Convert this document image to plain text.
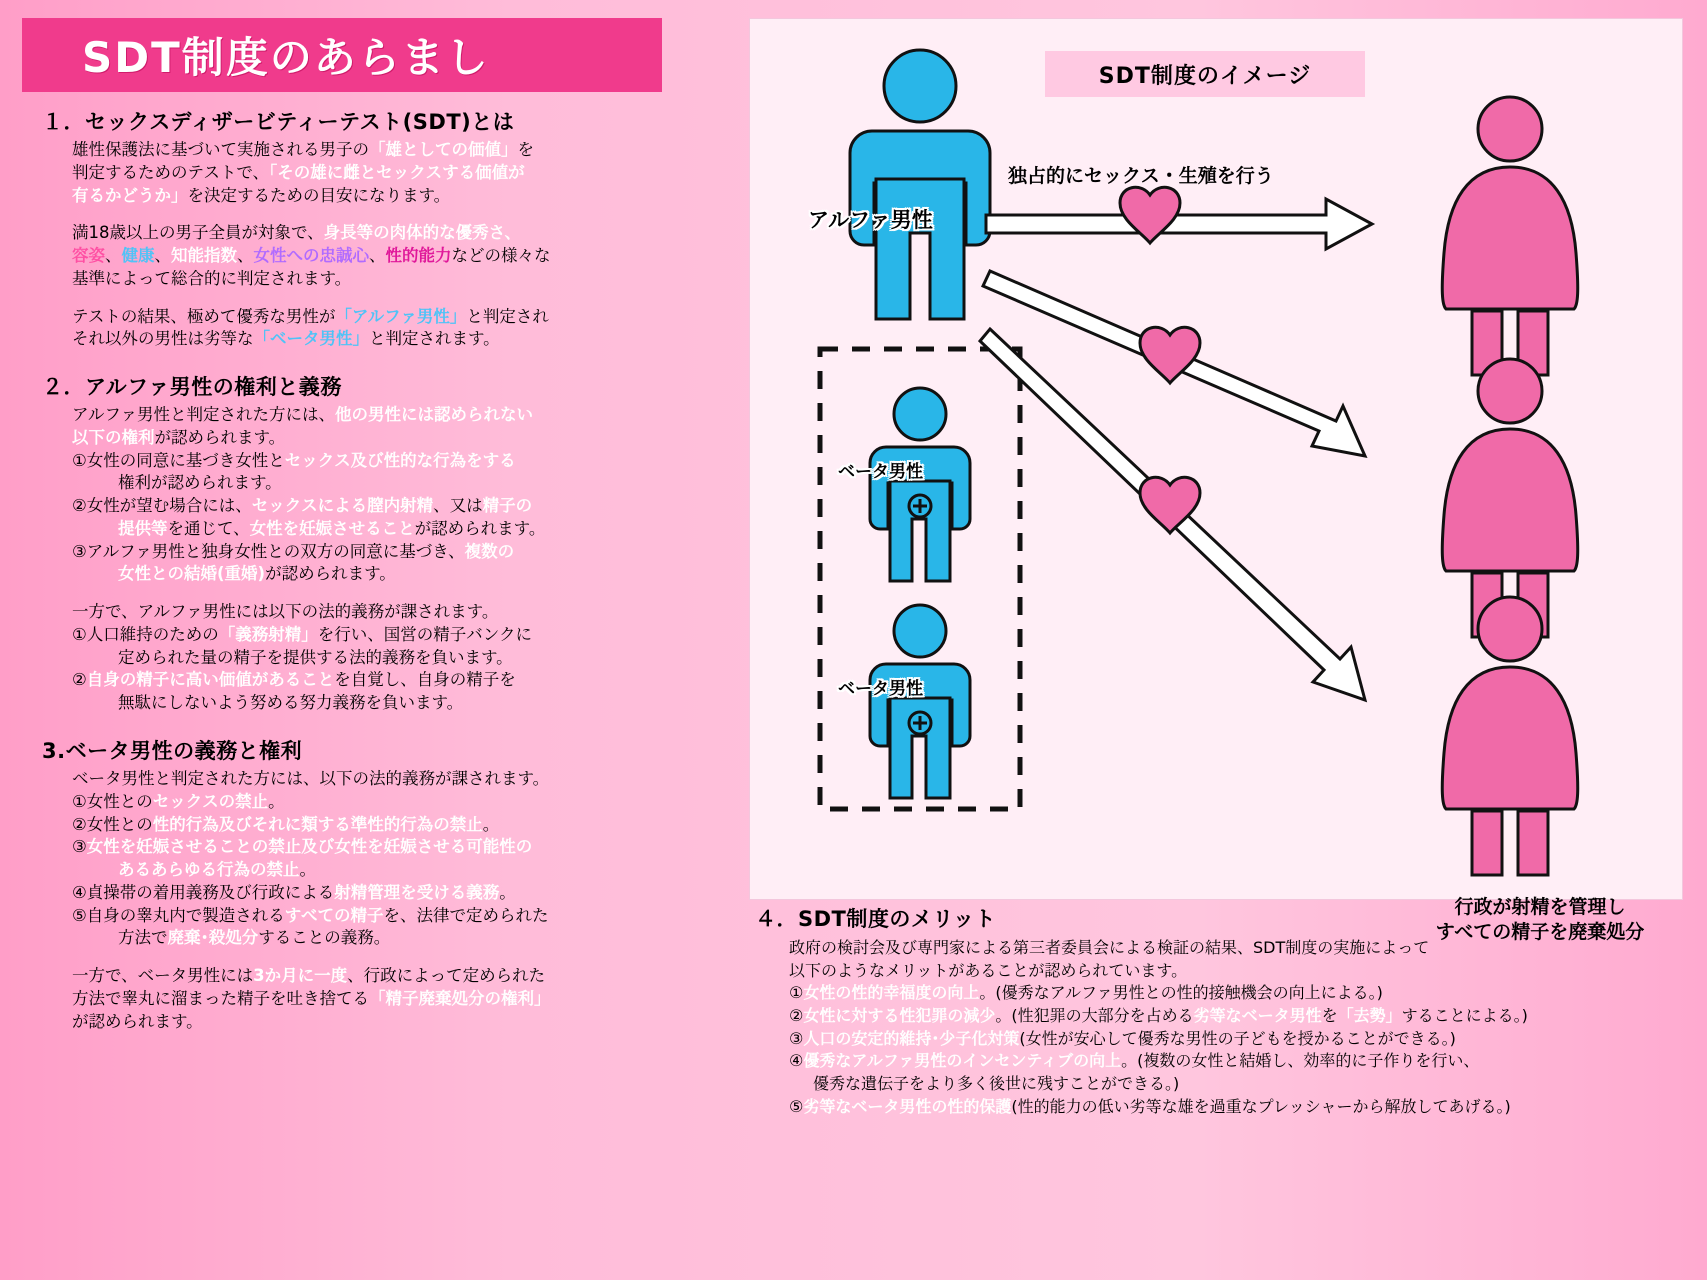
SDT制度のあらまし
１．セックスディザービティーテスト(SDT)とは

雄性保護法に基づいて実施される男子の「雄としての価値」を

判定するためのテストで、「その雄に雌とセックスする価値が

有るかどうか」を決定するための目安になります。

満18歳以上の男子全員が対象で、身長等の肉体的な優秀さ、

容姿、健康、知能指数、女性への忠誠心、性的能力などの様々な

基準によって総合的に判定されます。

テストの結果、極めて優秀な男性が「アルファ男性」と判定され

それ以外の男性は劣等な「ベータ男性」と判定されます。

２．アルファ男性の権利と義務

アルファ男性と判定された方には、他の男性には認められない

以下の権利が認められます。

①女性の同意に基づき女性とセックス及び性的な行為をする

権利が認められます。

②女性が望む場合には、セックスによる膣内射精、又は精子の

提供等を通じて、女性を妊娠させることが認められます。

③アルファ男性と独身女性との双方の同意に基づき、複数の

女性との結婚(重婚)が認められます。

一方で、アルファ男性には以下の法的義務が課されます。

①人口維持のための「義務射精」を行い、国営の精子バンクに

定められた量の精子を提供する法的義務を負います。

②自身の精子に高い価値があることを自覚し、自身の精子を

無駄にしないよう努める努力義務を負います。

3.ベータ男性の義務と権利

ベータ男性と判定された方には、以下の法的義務が課されます。

①女性とのセックスの禁止。

②女性との性的行為及びそれに類する準性的行為の禁止。

③女性を妊娠させることの禁止及び女性を妊娠させる可能性の

あるあらゆる行為の禁止。

④貞操帯の着用義務及び行政による射精管理を受ける義務。

⑤自身の睾丸内で製造されるすべての精子を、法律で定められた

方法で廃棄･殺処分することの義務。

一方で、ベータ男性には3か月に一度、行政によって定められた

方法で睾丸に溜まった精子を吐き捨てる「精子廃棄処分の権利」

が認められます。

SDT制度のイメージ
アルファ男性
ベータ男性
ベータ男性
独占的にセックス・生殖を行う
行政が射精を管理し
すべての精子を廃棄処分
４．SDT制度のメリット

政府の検討会及び専門家による第三者委員会による検証の結果、SDT制度の実施によって

以下のようなメリットがあることが認められています。

①女性の性的幸福度の向上。(優秀なアルファ男性との性的接触機会の向上による。)

②女性に対する性犯罪の減少。(性犯罪の大部分を占める劣等なベータ男性を「去勢」することによる。)

③人口の安定的維持･少子化対策(女性が安心して優秀な男性の子どもを授かることができる。)

④優秀なアルファ男性のインセンティブの向上。(複数の女性と結婚し、効率的に子作りを行い、

優秀な遺伝子をより多く後世に残すことができる。)

⑤劣等なベータ男性の性的保護(性的能力の低い劣等な雄を過重なプレッシャーから解放してあげる。)
